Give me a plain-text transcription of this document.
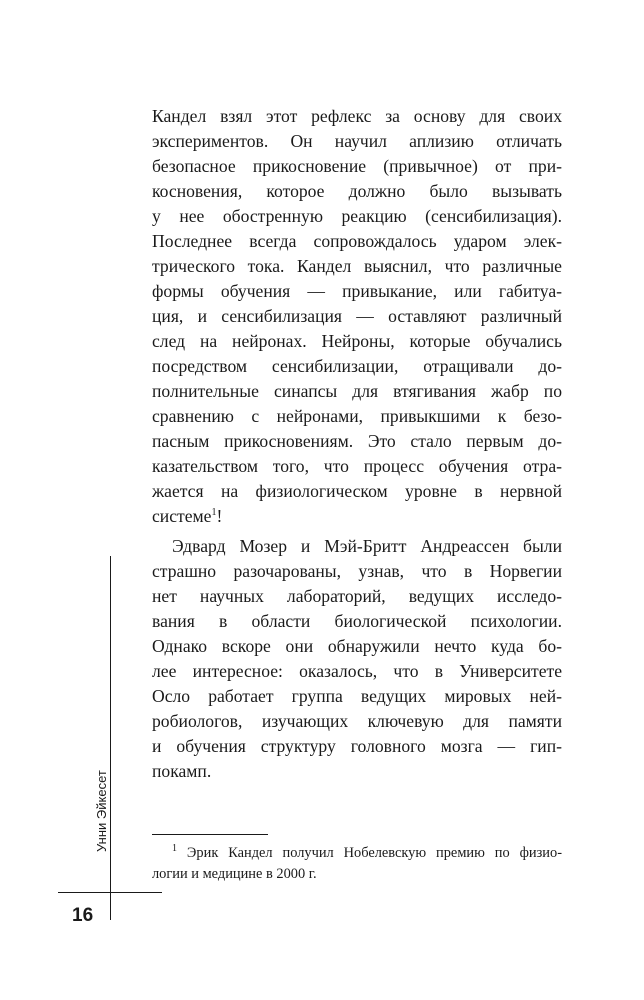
Кандел взял этот рефлекс за основу для своих
экспериментов. Он научил аплизию отличать
безопасное прикосновение (привычное) от при-
косновения, которое должно было вызывать
у нее обостренную реакцию (сенсибилизация).
Последнее всегда сопровождалось ударом элек-
трического тока. Кандел выяснил, что различные
формы обучения — привыкание, или габитуа-
ция, и сенсибилизация — оставляют различный
след на нейронах. Нейроны, которые обучались
посредством сенсибилизации, отращивали до-
полнительные синапсы для втягивания жабр по
сравнению с нейронами, привыкшими к безо-
пасным прикосновениям. Это стало первым до-
казательством того, что процесс обучения отра-
жается на физиологическом уровне в нервной
системе$^1$!
Эдвард Мозер и Мэй-Бритт Андреассен были
страшно разочарованы, узнав, что в Норвегии
нет научных лабораторий, ведущих исследо-
вания в области биологической психологии.
Однако вскоре они обнаружили нечто куда бо-
лее интересное: оказалось, что в Университете
Осло работает группа ведущих мировых ней-
робиологов, изучающих ключевую для памяти
и обучения структуру головного мозга — гип-
покамп.
$^1$ Эрик Кандел получил Нобелевскую премию по физио-
логии и медицине в 2000 г.
Унни Эйкесет
16
